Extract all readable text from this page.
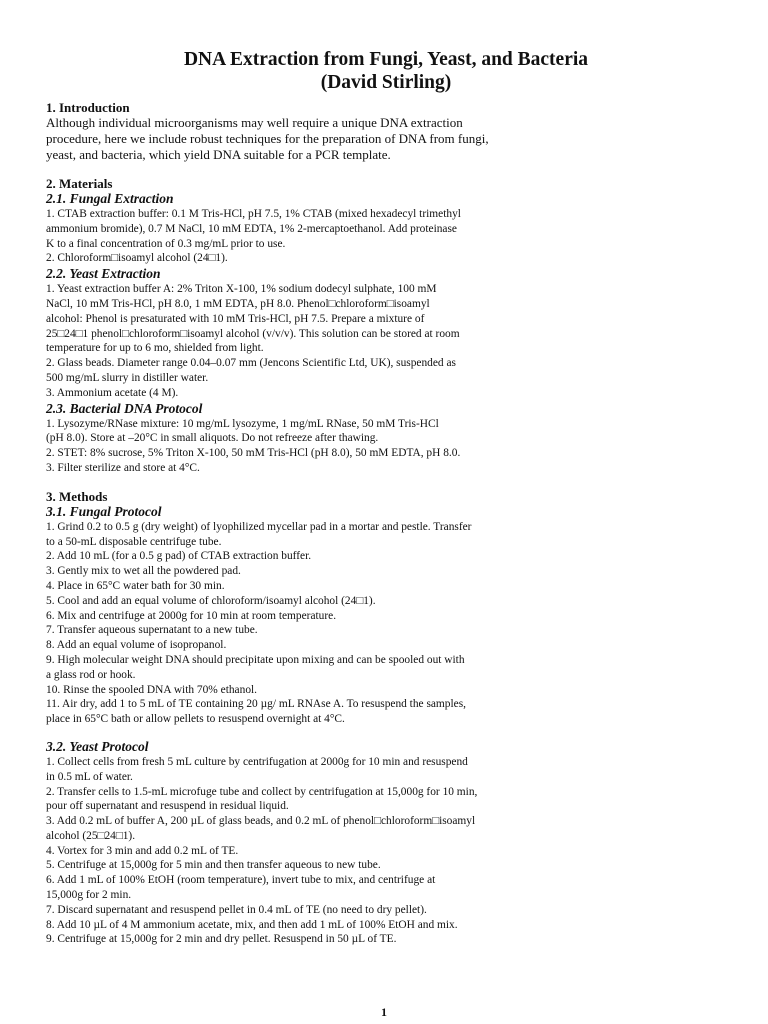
DNA Extraction from Fungi, Yeast, and Bacteria
(David Stirling)
1. Introduction
Although individual microorganisms may well require a unique DNA extraction
procedure, here we include robust techniques for the preparation of DNA from fungi,
yeast, and bacteria, which yield DNA suitable for a PCR template.
2. Materials
2.1. Fungal Extraction
1. CTAB extraction buffer: 0.1 M Tris-HCl, pH 7.5, 1% CTAB (mixed hexadecyl trimethyl
ammonium bromide), 0.7 M NaCl, 10 mM EDTA, 1% 2-mercaptoethanol. Add proteinase
K to a final concentration of 0.3 mg/mL prior to use.
2. Chloroform□isoamyl alcohol (24□1).
2.2. Yeast Extraction
1. Yeast extraction buffer A: 2% Triton X-100, 1% sodium dodecyl sulphate, 100 mM
NaCl, 10 mM Tris-HCl, pH 8.0, 1 mM EDTA, pH 8.0. Phenol□chloroform□isoamyl
alcohol: Phenol is presaturated with 10 mM Tris-HCl, pH 7.5. Prepare a mixture of
25□24□1 phenol□chloroform□isoamyl alcohol (v/v/v). This solution can be stored at room
temperature for up to 6 mo, shielded from light.
2. Glass beads. Diameter range 0.04–0.07 mm (Jencons Scientific Ltd, UK), suspended as
500 mg/mL slurry in distiller water.
3. Ammonium acetate (4 M).
2.3. Bacterial DNA Protocol
1. Lysozyme/RNase mixture: 10 mg/mL lysozyme, 1 mg/mL RNase, 50 mM Tris-HCl
(pH 8.0). Store at –20°C in small aliquots. Do not refreeze after thawing.
2. STET: 8% sucrose, 5% Triton X-100, 50 mM Tris-HCl (pH 8.0), 50 mM EDTA, pH 8.0.
3. Filter sterilize and store at 4°C.
3. Methods
3.1. Fungal Protocol
1. Grind 0.2 to 0.5 g (dry weight) of lyophilized mycellar pad in a mortar and pestle. Transfer
to a 50-mL disposable centrifuge tube.
2. Add 10 mL (for a 0.5 g pad) of CTAB extraction buffer.
3. Gently mix to wet all the powdered pad.
4. Place in 65°C water bath for 30 min.
5. Cool and add an equal volume of chloroform/isoamyl alcohol (24□1).
6. Mix and centrifuge at 2000g for 10 min at room temperature.
7. Transfer aqueous supernatant to a new tube.
8. Add an equal volume of isopropanol.
9. High molecular weight DNA should precipitate upon mixing and can be spooled out with
a glass rod or hook.
10. Rinse the spooled DNA with 70% ethanol.
11. Air dry, add 1 to 5 mL of TE containing 20 µg/ mL RNAse A. To resuspend the samples,
place in 65°C bath or allow pellets to resuspend overnight at 4°C.
3.2. Yeast Protocol
1. Collect cells from fresh 5 mL culture by centrifugation at 2000g for 10 min and resuspend
in 0.5 mL of water.
2. Transfer cells to 1.5-mL microfuge tube and collect by centrifugation at 15,000g for 10 min,
pour off supernatant and resuspend in residual liquid.
3. Add 0.2 mL of buffer A, 200 µL of glass beads, and 0.2 mL of phenol□chloroform□isoamyl
alcohol (25□24□1).
4. Vortex for 3 min and add 0.2 mL of TE.
5. Centrifuge at 15,000g for 5 min and then transfer aqueous to new tube.
6. Add 1 mL of 100% EtOH (room temperature), invert tube to mix, and centrifuge at
15,000g for 2 min.
7. Discard supernatant and resuspend pellet in 0.4 mL of TE (no need to dry pellet).
8. Add 10 µL of 4 M ammonium acetate, mix, and then add 1 mL of 100% EtOH and mix.
9. Centrifuge at 15,000g for 2 min and dry pellet. Resuspend in 50 µL of TE.
1
